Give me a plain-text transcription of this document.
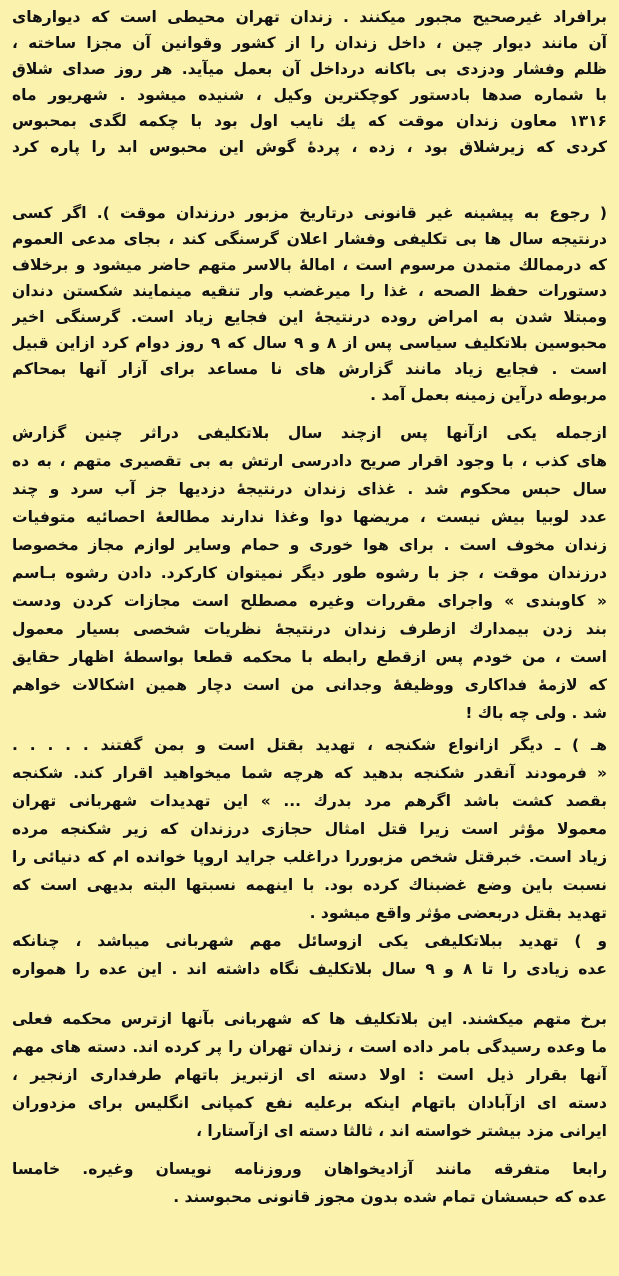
برافراد غیرصحیح مجبور میکنند . زندان تهران محیطی است که دیوارهای
آن مانند دیوار چین ، داخل زندان را از کشور وقوانین آن مجزا ساخته ،
ظلم وفشار ودزدی بی باکانه درداخل آن بعمل میآید. هر روز صدای شلاق
با شماره صدها بادستور کوچکترین وکیل ، شنیده میشود . شهریور ماه
۱۳۱۶ معاون زندان موقت که یك نایب اول بود با چکمه لگدی بمحبوس
کردی که زیرشلاق بود ، زده ، پردۀ گوش این محبوس ابد را پاره کرد
( رجوع به پیشینه غیر قانونی درتاریخ مزبور درزندان موقت ). اگر کسی
درنتیجه سال ها بی تکلیفی وفشار اعلان گرسنگی کند ، بجای مدعی العموم
که درممالك متمدن مرسوم است ، امالۀ بالاسر متهم حاضر میشود و برخلاف
دستورات حفظ الصحه ، غذا را میرغضب وار تنقیه مینمایند شکستن دندان
ومبتلا شدن به امراض روده درنتیجۀ این فجایع زیاد است. گرسنگی اخیر
محبوسین بلاتکلیف سیاسی پس از ۸ و ۹ سال که ۹ روز دوام کرد ازاین قبیل
است . فجایع زیاد مانند گزارش های نا مساعد برای آزار آنها بمحاکم
مربوطه درآین زمینه بعمل آمد .
ازجمله یکی ازآنها پس ازچند سال بلاتکلیفی دراثر چنین گزارش
های کذب ، با وجود اقرار صریح دادرسی ارتش به بی تقصیری متهم ، به ده
سال حبس محکوم شد . غذای زندان درنتیجۀ دزدیها جز آب سرد و چند
عدد لوبیا بیش نیست ، مریضها دوا وغذا ندارند مطالعۀ احصائیه متوفیات
زندان مخوف است . برای هوا خوری و حمام وسایر لوازم مجاز مخصوصا
درزندان موقت ، جز با رشوه طور دیگر نمیتوان کارکرد. دادن رشوه بـاسم
« کاوبندی » واجرای مقررات وغیره مصطلح است مجازات کردن ودست
بند زدن بیمدارك ازطرف زندان درنتیجۀ نظریات شخصی بسیار معمول
است ، من خودم پس ازقطع رابطه با محکمه قطعا بواسطۀ اظهار حقایق
که لازمۀ فداکاری ووظیفۀ وجدانی من است دچار همین اشکالات خواهم
شد . ولی چه باك !
هـ ) ـ دیگر ازانواع شکنجه ، تهدید بقتل است و بمن گفتند . . . . .
« فرمودند آنقدر شکنجه بدهید که هرچه شما میخواهید اقرار کند. شکنجه
بقصد کشت باشد اگرهم مرد بدرك ... » این تهدیدات شهربانی تهران
معمولا مؤثر است زیرا قتل امثال حجازی درزندان که زیر شکنجه مرده
زیاد است. خبرقتل شخص مزبوررا دراغلب جراید اروپا خوانده ام که دنیائی را
نسبت باین وضع غضبناك کرده بود. با اینهمه نسبتها البته بدیهی است که
تهدید بقتل دربعضی مؤثر واقع میشود .
و ) تهدید ببلاتکلیفی یکی ازوسائل مهم شهربانی میباشد ، چنانکه
عده زیادی را تا ۸ و ۹ سال بلاتکلیف نگاه داشته اند . این عده را همواره
برخ متهم میکشند. این بلاتکلیف ها که شهربانی بآنها ازترس محکمه فعلی
ما وعده رسیدگی بامر داده است ، زندان تهران را پر کرده اند. دسته های مهم
آنها بقرار ذیل است : اولا دسته ای ازتبریز باتهام طرفداری ازنجیر ،
دسته ای ازآبادان باتهام اینکه برعلیه نفع کمپانی انگلیس برای مزدوران
ایرانی مزد بیشتر خواسته اند ، ثالثا دسته ای ازآستارا ،
رابعا متفرقه مانند آزادیخواهان وروزنامه نویسان وغیره. خامسا
عده که حبسشان تمام شده بدون مجوز قانونی محبوسند .
